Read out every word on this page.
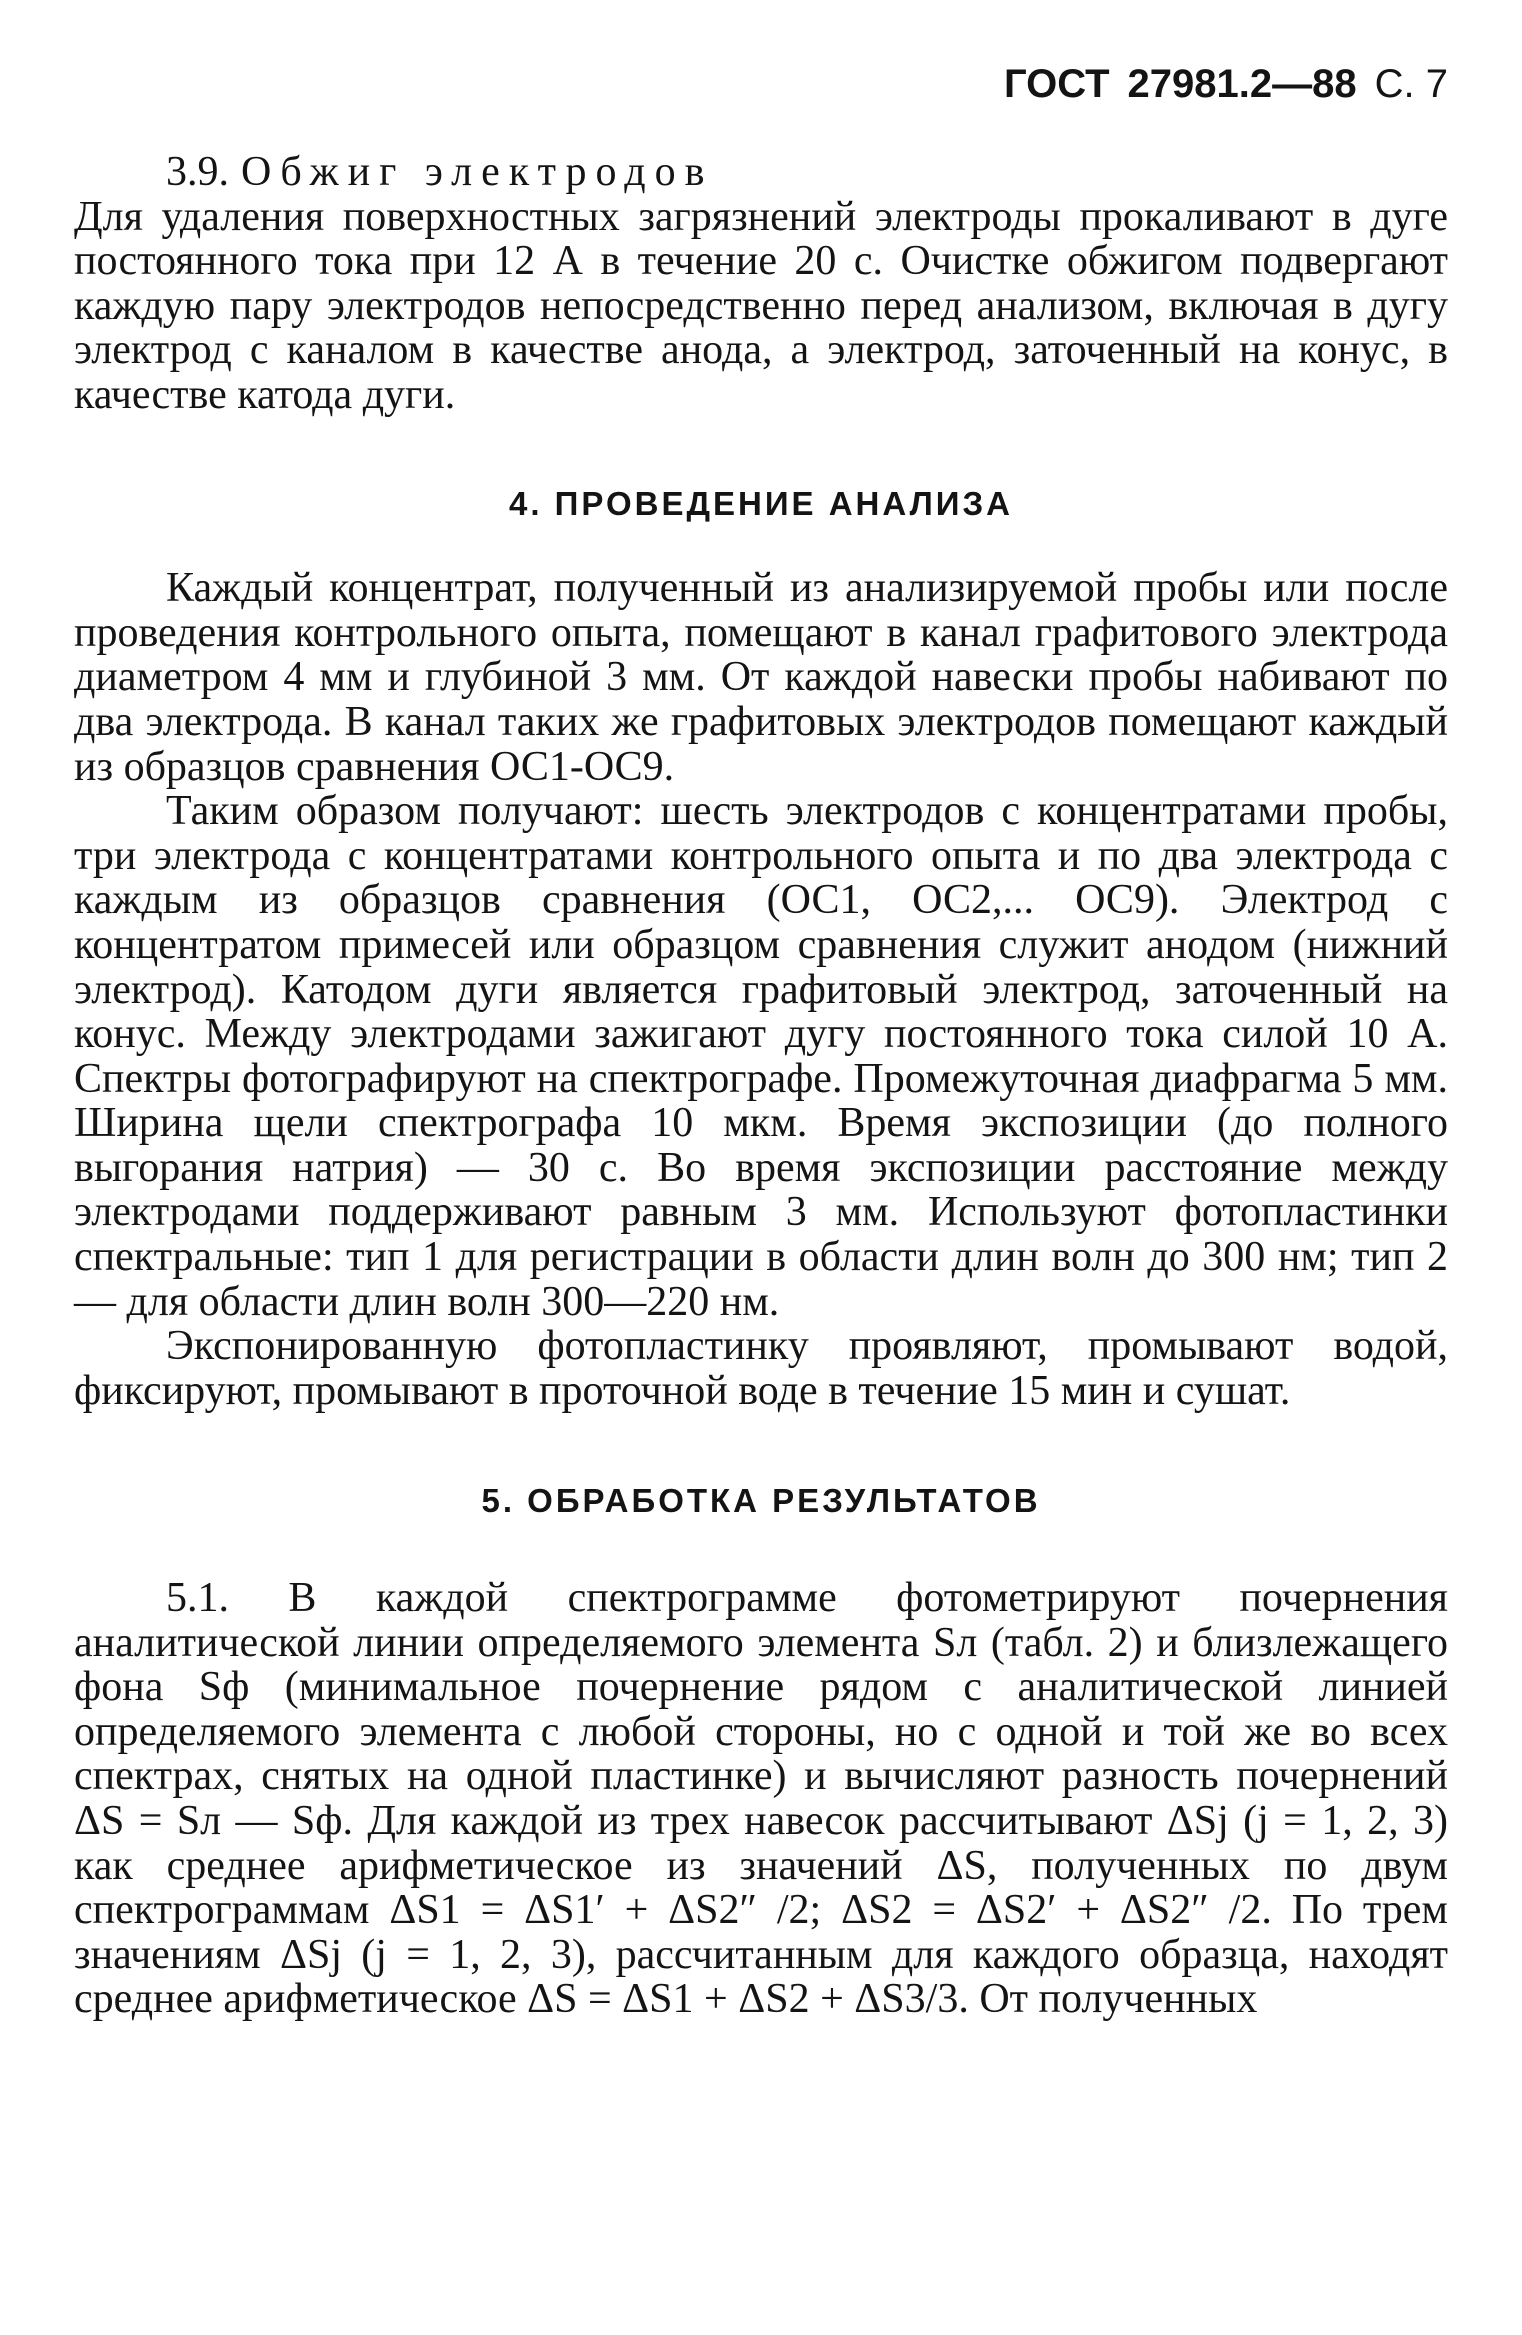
ГОСТ 27981.2—88 С. 7

3.9. Обжиг электродов

Для удаления поверхностных загрязнений электроды прокаливают в дуге постоянного тока при 12 А в течение 20 с. Очистке обжигом подвергают каждую пару электродов непосредственно перед анализом, включая в дугу электрод с каналом в качестве анода, а электрод, заточенный на конус, в качестве катода дуги.

4. ПРОВЕДЕНИЕ АНАЛИЗА

Каждый концентрат, полученный из анализируемой пробы или после проведения контрольного опыта, помещают в канал графитового электрода диаметром 4 мм и глубиной 3 мм. От каждой навески пробы набивают по два электрода. В канал таких же графитовых электродов помещают каждый из образцов сравнения ОС1-ОС9.

Таким образом получают: шесть электродов с концентратами пробы, три электрода с концентратами контрольного опыта и по два электрода с каждым из образцов сравнения (ОС1, ОС2,... ОС9). Электрод с концентратом примесей или образцом сравнения служит анодом (нижний электрод). Катодом дуги является графитовый электрод, заточенный на конус. Между электродами зажигают дугу постоянного тока силой 10 А. Спектры фотографируют на спектрографе. Промежуточная диафрагма 5 мм. Ширина щели спектрографа 10 мкм. Время экспозиции (до полного выгорания натрия) — 30 с. Во время экспозиции расстояние между электродами поддерживают равным 3 мм. Используют фотопластинки спектральные: тип 1 для регистрации в области длин волн до 300 нм; тип 2 — для области длин волн 300—220 нм.

Экспонированную фотопластинку проявляют, промывают водой, фиксируют, промывают в проточной воде в течение 15 мин и сушат.

5. ОБРАБОТКА РЕЗУЛЬТАТОВ

5.1. В каждой спектрограмме фотометрируют почернения аналитической линии определяемого элемента Sл (табл. 2) и близлежащего фона Sф (минимальное почернение рядом с аналитической линией определяемого элемента с любой стороны, но с одной и той же во всех спектрах, снятых на одной пластинке) и вычисляют разность почернений ΔS = Sл — Sф. Для каждой из трех навесок рассчитывают ΔSj (j = 1, 2, 3) как среднее арифметическое из значений ΔS, полученных по двум спектрограммам ΔS1 = ΔS1′ + ΔS2″ /2; ΔS2 = ΔS2′ + ΔS2″ /2. По трем значениям ΔSj (j = 1, 2, 3), рассчитанным для каждого образца, находят среднее арифметическое ΔS = ΔS1 + ΔS2 + ΔS3/3. От полученных
